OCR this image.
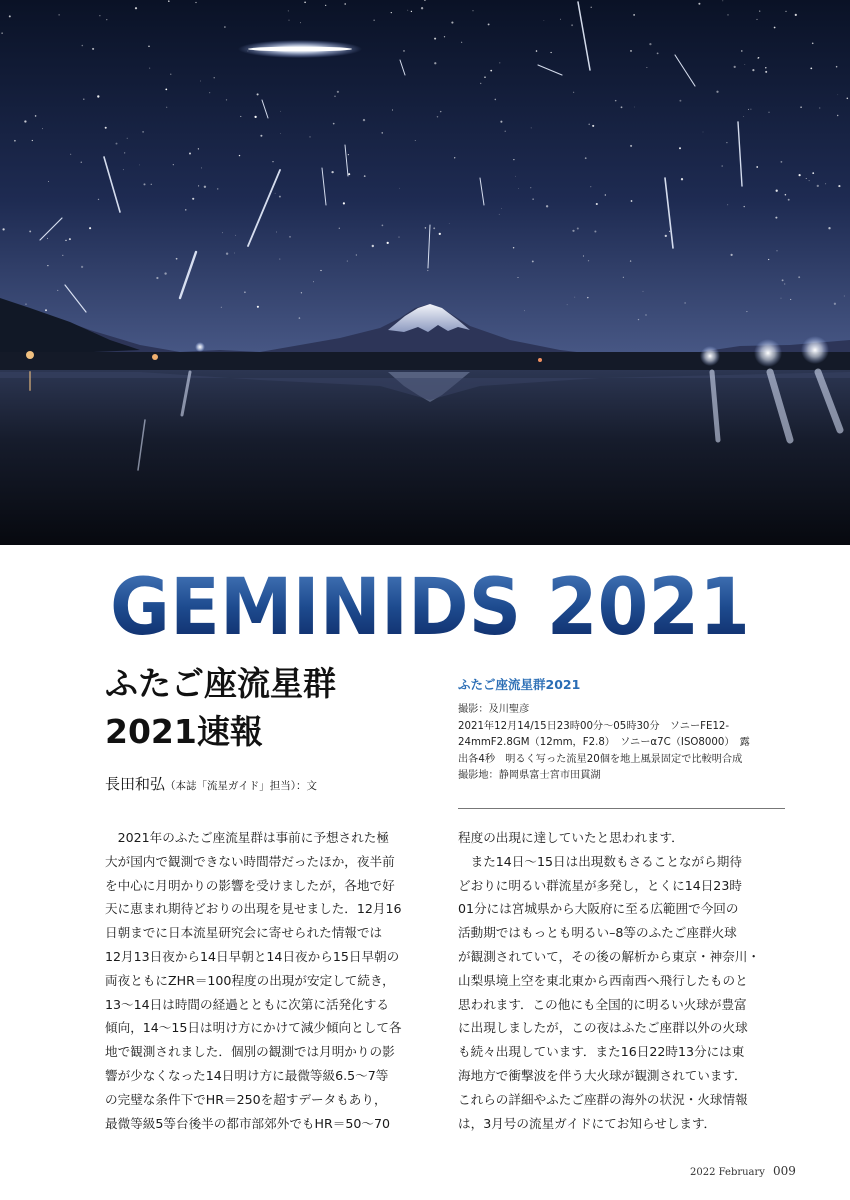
GEMINIDS 2021
ふたご座流星群
2021速報
長田和弘（本誌「流星ガイド」担当）：文
ふたご座流星群2021
撮影：及川聖彦
2021年12月14/15日23時00分〜05時30分　ソニーFE12-
24mmF2.8GM（12mm，F2.8）　ソニーα7C（ISO8000）　露
出各4秒　明るく写った流星20個を地上風景固定で比較明合成
撮影地：静岡県富士宮市田貫湖
　2021年のふたご座流星群は事前に予想された極
大が国内で観測できない時間帯だったほか，夜半前
を中心に月明かりの影響を受けましたが，各地で好
天に恵まれ期待どおりの出現を見せました．12月16
日朝までに日本流星研究会に寄せられた情報では
12月13日夜から14日早朝と14日夜から15日早朝の
両夜ともにZHR＝100程度の出現が安定して続き，
13〜14日は時間の経過とともに次第に活発化する
傾向，14〜15日は明け方にかけて減少傾向として各
地で観測されました．個別の観測では月明かりの影
響が少なくなった14日明け方に最微等級6.5〜7等
の完璧な条件下でHR＝250を超すデータもあり，
最微等級5等台後半の都市部郊外でもHR＝50〜70
程度の出現に達していたと思われます．
　また14日〜15日は出現数もさることながら期待
どおりに明るい群流星が多発し，とくに14日23時
01分には宮城県から大阪府に至る広範囲で今回の
活動期ではもっとも明るい–8等のふたご座群火球
が観測されていて，その後の解析から東京・神奈川・
山梨県境上空を東北東から西南西へ飛行したものと
思われます．この他にも全国的に明るい火球が豊富
に出現しましたが，この夜はふたご座群以外の火球
も続々出現しています．また16日22時13分には東
海地方で衝撃波を伴う大火球が観測されています．
これらの詳細やふたご座群の海外の状況・火球情報
は，3月号の流星ガイドにてお知らせします．
2022 February 009
